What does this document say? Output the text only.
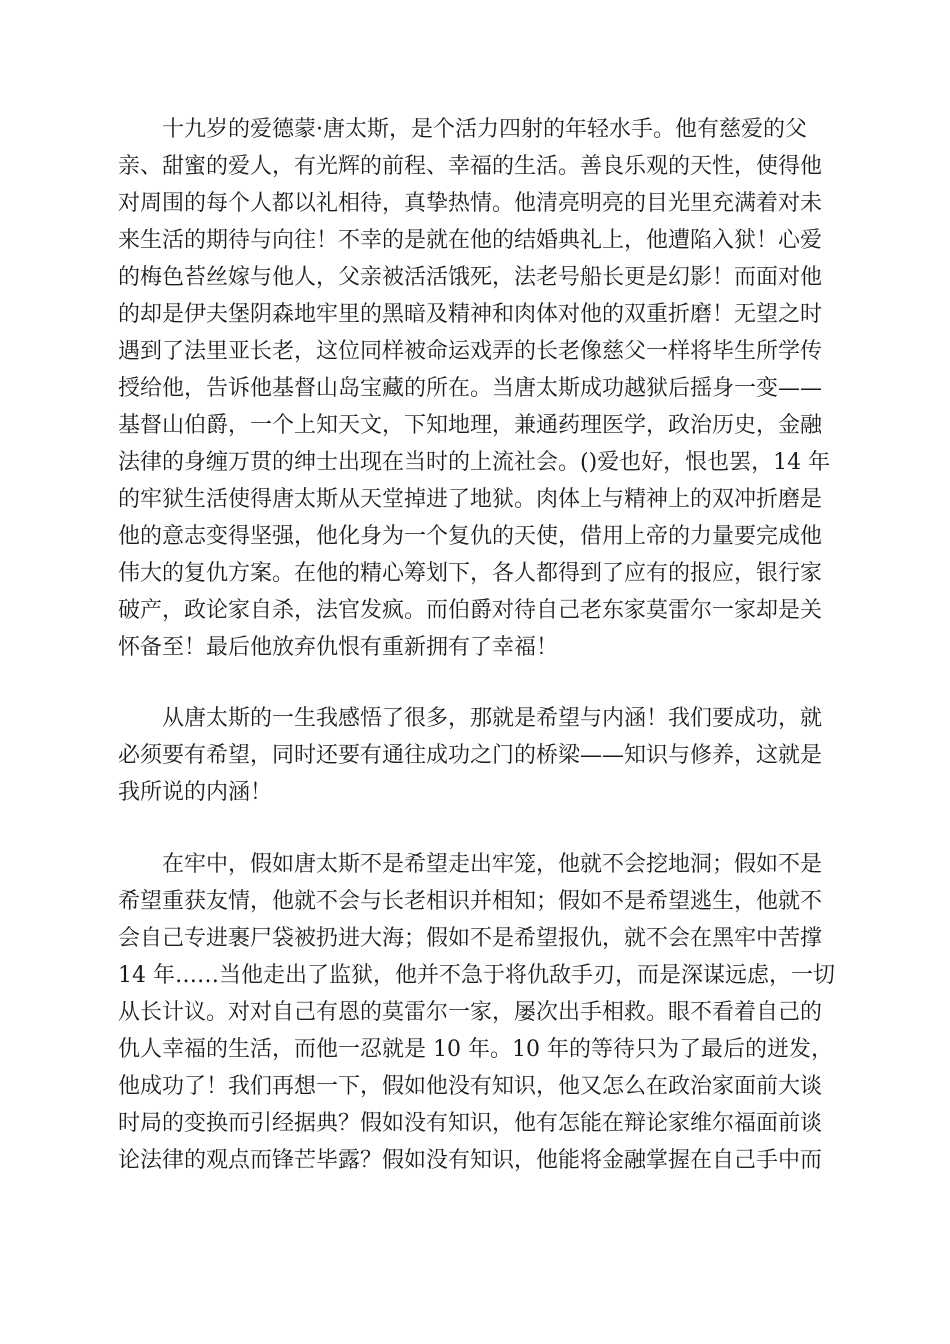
十九岁的爱德蒙·唐太斯，是个活力四射的年轻水手。他有慈爱的父
亲、甜蜜的爱人，有光辉的前程、幸福的生活。善良乐观的天性，使得他
对周围的每个人都以礼相待，真挚热情。他清亮明亮的目光里充满着对未
来生活的期待与向往！不幸的是就在他的结婚典礼上，他遭陷入狱！心爱
的梅色苔丝嫁与他人，父亲被活活饿死，法老号船长更是幻影！而面对他
的却是伊夫堡阴森地牢里的黑暗及精神和肉体对他的双重折磨！无望之时
遇到了法里亚长老，这位同样被命运戏弄的长老像慈父一样将毕生所学传
授给他，告诉他基督山岛宝藏的所在。当唐太斯成功越狱后摇身一变——
基督山伯爵，一个上知天文，下知地理，兼通药理医学，政治历史，金融
法律的身缠万贯的绅士出现在当时的上流社会。()爱也好，恨也罢，14 年
的牢狱生活使得唐太斯从天堂掉进了地狱。肉体上与精神上的双冲折磨是
他的意志变得坚强，他化身为一个复仇的天使，借用上帝的力量要完成他
伟大的复仇方案。在他的精心筹划下，各人都得到了应有的报应，银行家
破产，政论家自杀，法官发疯。而伯爵对待自己老东家莫雷尔一家却是关
怀备至！最后他放弃仇恨有重新拥有了幸福！
从唐太斯的一生我感悟了很多，那就是希望与内涵！我们要成功，就
必须要有希望，同时还要有通往成功之门的桥梁——知识与修养，这就是
我所说的内涵！
在牢中，假如唐太斯不是希望走出牢笼，他就不会挖地洞；假如不是
希望重获友情，他就不会与长老相识并相知；假如不是希望逃生，他就不
会自己专进裹尸袋被扔进大海；假如不是希望报仇，就不会在黑牢中苦撑
14 年……当他走出了监狱，他并不急于将仇敌手刃，而是深谋远虑，一切
从长计议。对对自己有恩的莫雷尔一家，屡次出手相救。眼不看着自己的
仇人幸福的生活，而他一忍就是 10 年。10 年的等待只为了最后的迸发，
他成功了！我们再想一下，假如他没有知识，他又怎么在政治家面前大谈
时局的变换而引经据典？假如没有知识，他有怎能在辩论家维尔福面前谈
论法律的观点而锋芒毕露？假如没有知识，他能将金融掌握在自己手中而
